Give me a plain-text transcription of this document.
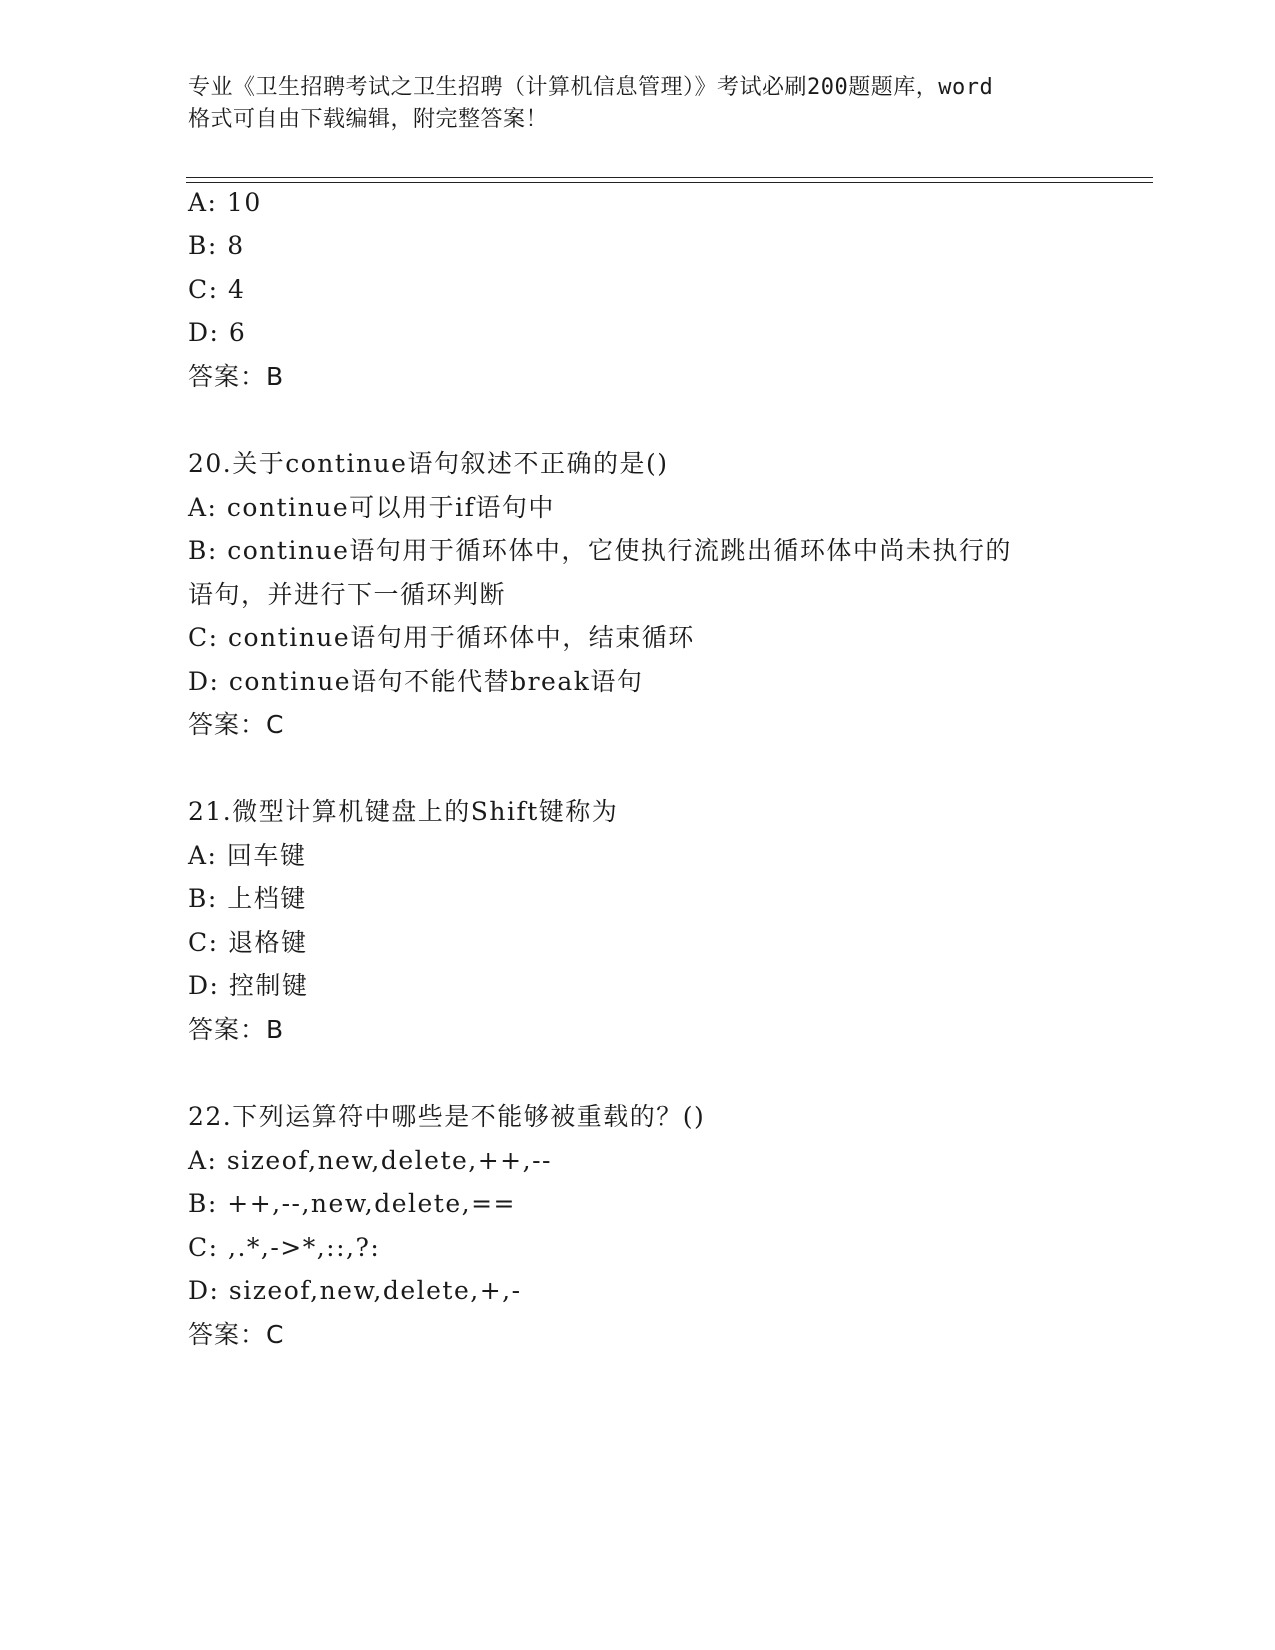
专业《卫生招聘考试之卫生招聘（计算机信息管理）》考试必刷200题题库，word
格式可自由下载编辑，附完整答案！
A: 10
B: 8
C: 4
D: 6
答案：B
20.关于continue语句叙述不正确的是()
A: continue可以用于if语句中
B: continue语句用于循环体中，它使执行流跳出循环体中尚未执行的
语句，并进行下一循环判断
C: continue语句用于循环体中，结束循环
D: continue语句不能代替break语句
答案：C
21.微型计算机键盘上的Shift键称为
A: 回车键
B: 上档键
C: 退格键
D: 控制键
答案：B
22.下列运算符中哪些是不能够被重载的？()
A: sizeof,new,delete,++,--
B: ++,--,new,delete,==
C: ,.*,->*,::,?:
D: sizeof,new,delete,+,-
答案：C
